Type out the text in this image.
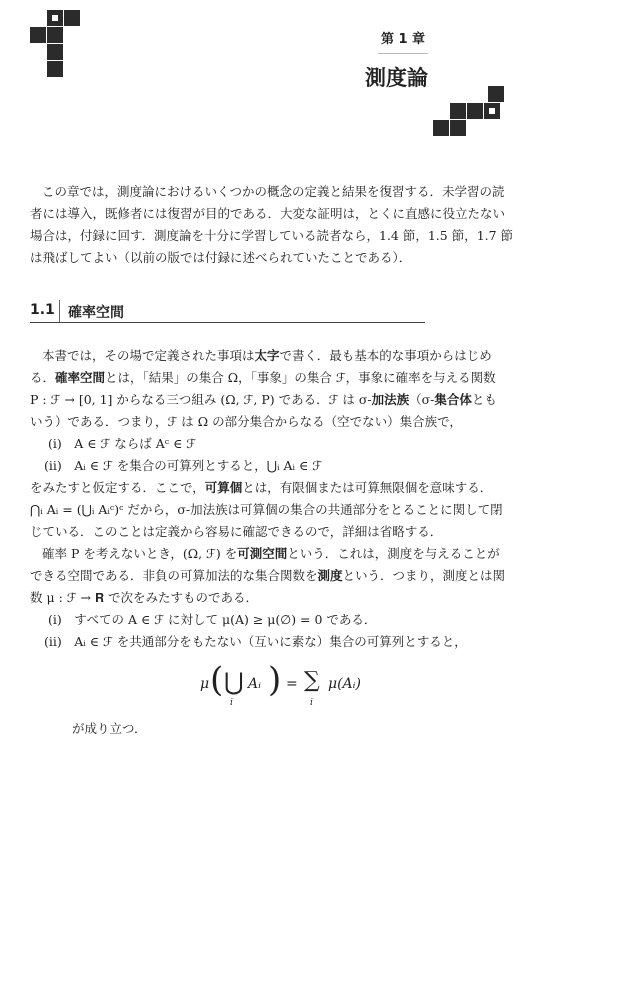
第 1 章
測度論
この章では，測度論におけるいくつかの概念の定義と結果を復習する．未学習の読
者には導入，既修者には復習が目的である．大変な証明は，とくに直感に役立たない
場合は，付録に回す．測度論を十分に学習している読者なら，1.4 節，1.5 節，1.7 節
は飛ばしてよい（以前の版では付録に述べられていたことである）．
1.1 確率空間
本書では，その場で定義された事項は太字で書く．最も基本的な事項からはじめ
る．確率空間とは，「結果」の集合 Ω，「事象」の集合 ℱ，事象に確率を与える関数
P : ℱ → [0, 1] からなる三つ組み (Ω, ℱ, P) である．ℱ は σ-加法族（σ-集合体とも
いう）である．つまり，ℱ は Ω の部分集合からなる（空でない）集合族で，
(i)　A ∈ ℱ ならば Aᶜ ∈ ℱ
(ii)　Aᵢ ∈ ℱ を集合の可算列とすると，⋃ᵢ Aᵢ ∈ ℱ
をみたすと仮定する．ここで，可算個とは，有限個または可算無限個を意味する．
⋂ᵢ Aᵢ = (⋃ᵢ Aᵢᶜ)ᶜ だから，σ-加法族は可算個の集合の共通部分をとることに関して閉
じている．このことは定義から容易に確認できるので，詳細は省略する．
確率 P を考えないとき，(Ω, ℱ) を可測空間という．これは，測度を与えることが
できる空間である．非負の可算加法的な集合関数を測度という．つまり，測度とは関
数 μ : ℱ → 𝐑 で次をみたすものである．
(i)　すべての A ∈ ℱ に対して μ(A) ≥ μ(∅) = 0 である．
(ii)　Aᵢ ∈ ℱ を共通部分をもたない（互いに素な）集合の可算列とすると，
μ ( ⋃
i
Aᵢ ) = ∑
i
μ(Aᵢ)
が成り立つ．
